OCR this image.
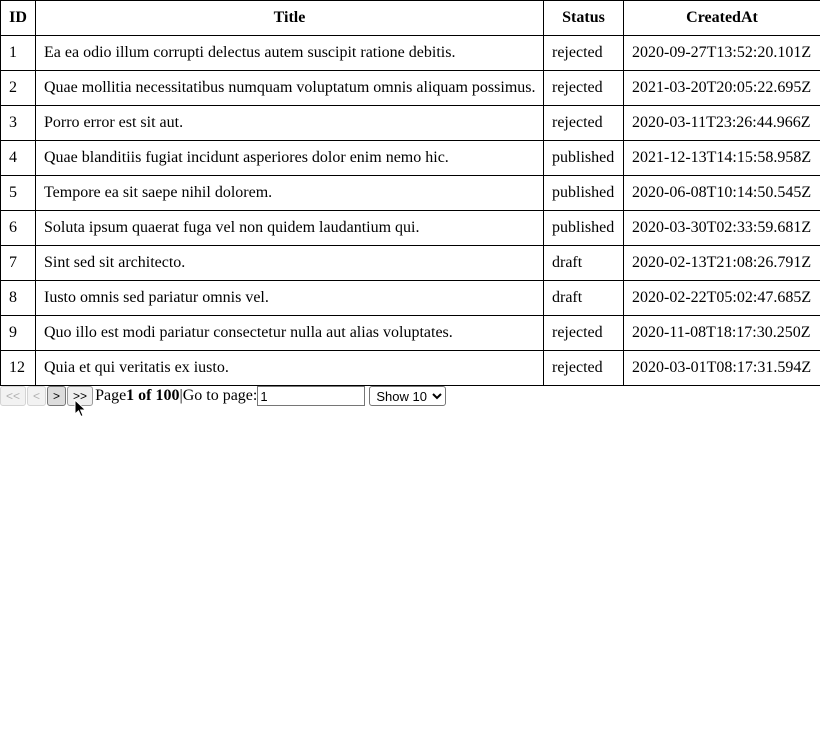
ID	Title	Status	CreatedAt
1	Ea ea odio illum corrupti delectus autem suscipit ratione debitis.	rejected	2020-09-27T13:52:20.101Z
2	Quae mollitia necessitatibus numquam voluptatum omnis aliquam possimus.	rejected	2021-03-20T20:05:22.695Z
3	Porro error est sit aut.	rejected	2020-03-11T23:26:44.966Z
4	Quae blanditiis fugiat incidunt asperiores dolor enim nemo hic.	published	2021-12-13T14:15:58.958Z
5	Tempore ea sit saepe nihil dolorem.	published	2020-06-08T10:14:50.545Z
6	Soluta ipsum quaerat fuga vel non quidem laudantium qui.	published	2020-03-30T02:33:59.681Z
7	Sint sed sit architecto.	draft	2020-02-13T21:08:26.791Z
8	Iusto omnis sed pariatur omnis vel.	draft	2020-02-22T05:02:47.685Z
9	Quo illo est modi pariatur consectetur nulla aut alias voluptates.	rejected	2020-11-08T18:17:30.250Z
12	Quia et qui veritatis ex iusto.	rejected	2020-03-01T08:17:31.594Z
<<	<	>	>> Page 1 of 100 | Go to page:
1
Show 10
